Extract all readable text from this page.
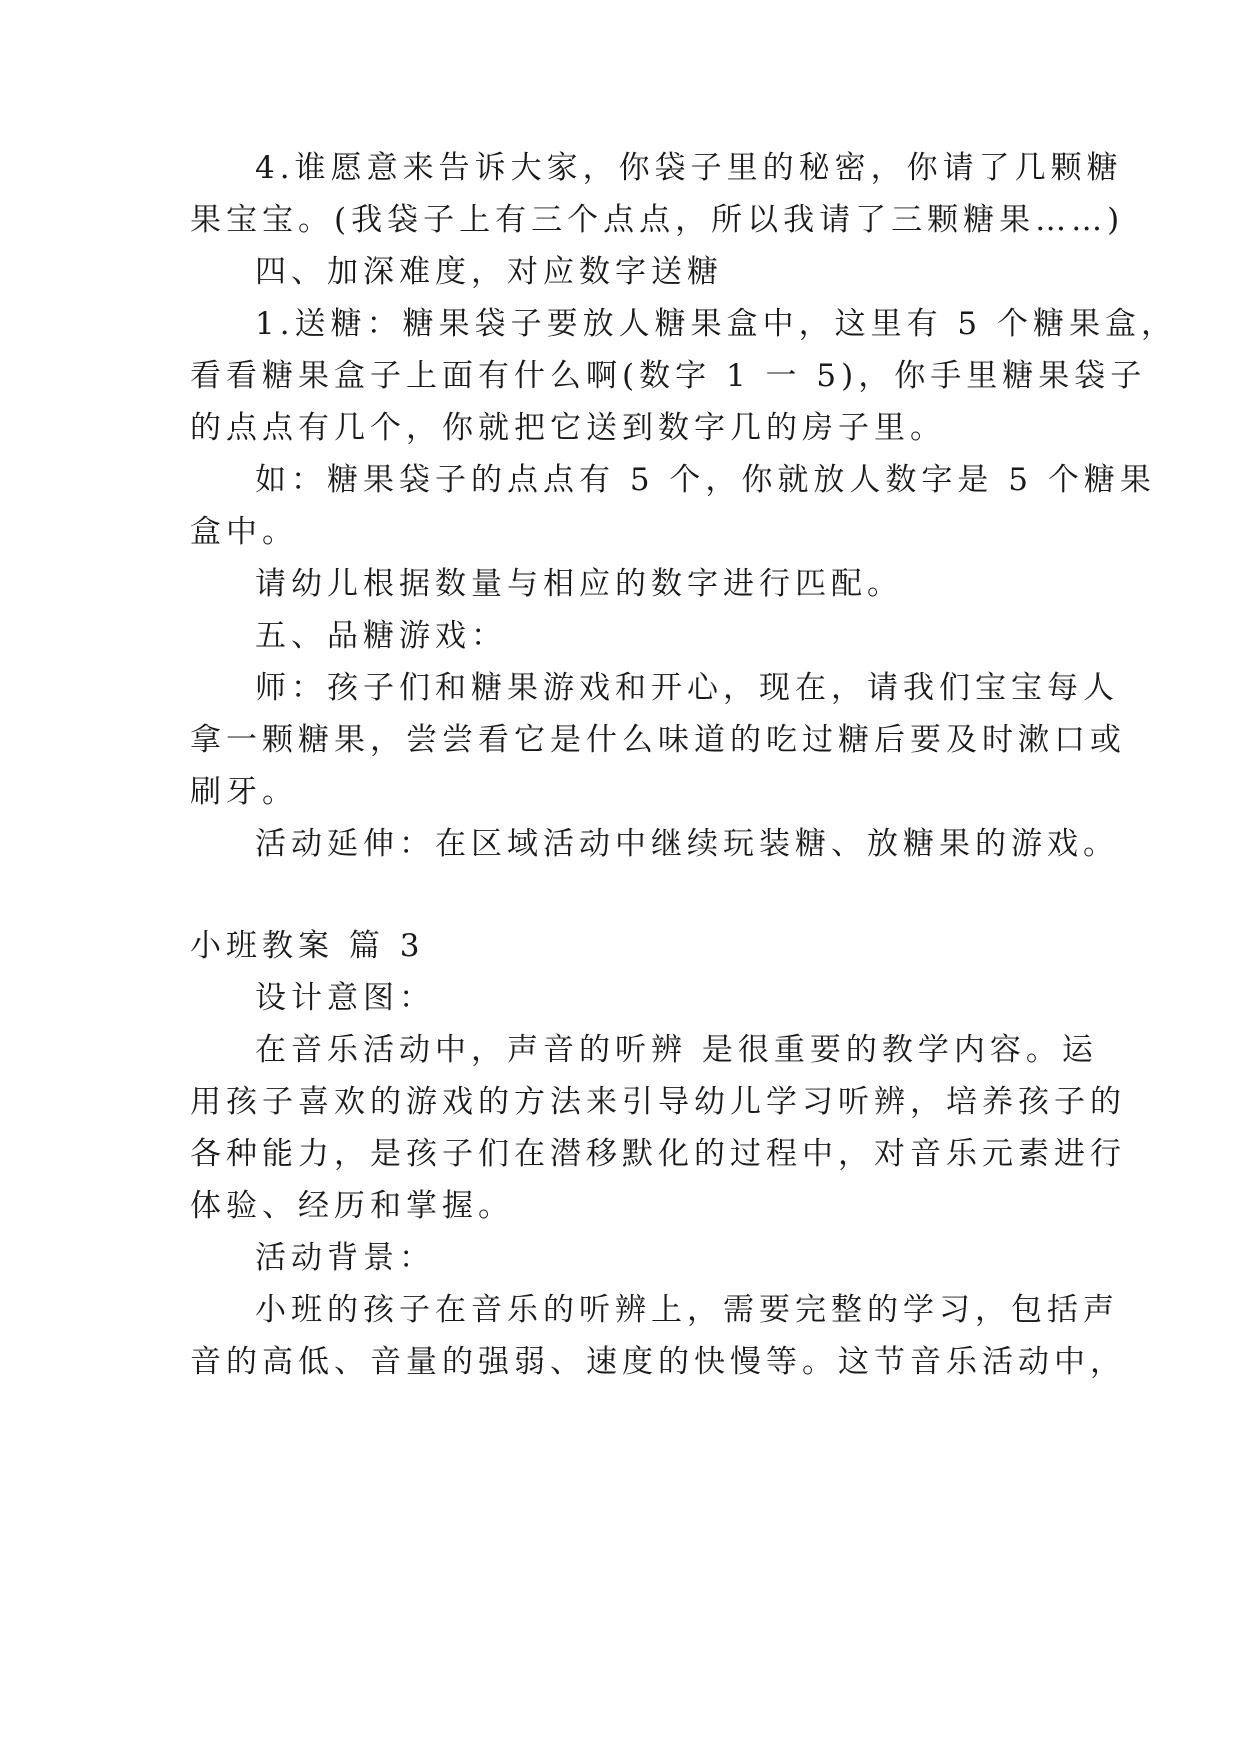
4.谁愿意来告诉大家，你袋子里的秘密，你请了几颗糖

果宝宝。(我袋子上有三个点点，所以我请了三颗糖果……)

四、加深难度，对应数字送糖

1.送糖：糖果袋子要放人糖果盒中，这里有 5 个糖果盒，

看看糖果盒子上面有什么啊(数字 1 一 5)，你手里糖果袋子

的点点有几个，你就把它送到数字几的房子里。

如：糖果袋子的点点有 5 个，你就放人数字是 5 个糖果

盒中。

请幼儿根据数量与相应的数字进行匹配。

五、品糖游戏：

师：孩子们和糖果游戏和开心，现在，请我们宝宝每人

拿一颗糖果，尝尝看它是什么味道的吃过糖后要及时漱口或

刷牙。

活动延伸：在区域活动中继续玩装糖、放糖果的游戏。

小班教案 篇 3

设计意图：

在音乐活动中，声音的听辨 是很重要的教学内容。运

用孩子喜欢的游戏的方法来引导幼儿学习听辨，培养孩子的

各种能力，是孩子们在潜移默化的过程中，对音乐元素进行

体验、经历和掌握。

活动背景：

小班的孩子在音乐的听辨上，需要完整的学习，包括声

音的高低、音量的强弱、速度的快慢等。这节音乐活动中，
